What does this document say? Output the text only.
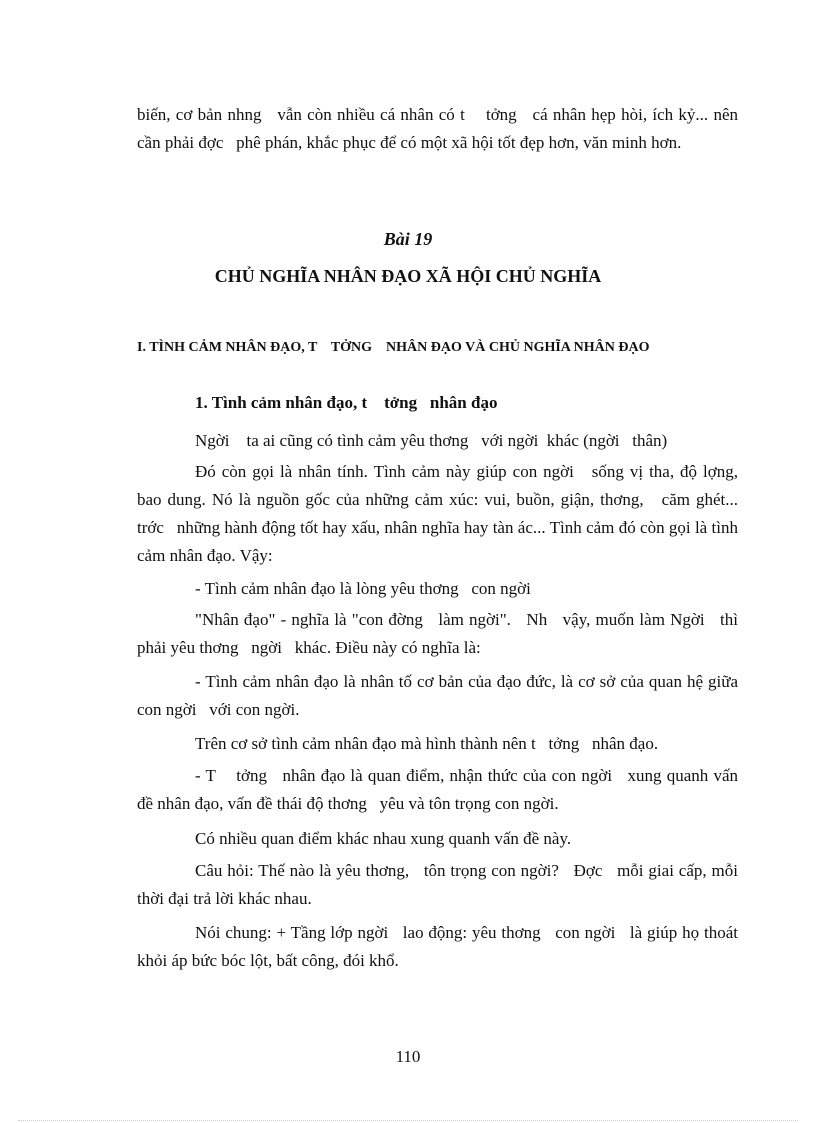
biến, cơ bản nhng   vẫn còn nhiều cá nhân có t    tởng   cá nhân hẹp hòi, ích kỷ... nên cần phải đợc   phê phán, khắc phục để có một xã hội tốt đẹp hơn, văn minh hơn.

Bài 19

CHỦ NGHĨA NHÂN ĐẠO XÃ HỘI CHỦ NGHĨA

I. TÌNH CẢM NHÂN ĐẠO, T    TỞNG    NHÂN ĐẠO VÀ CHỦ NGHĨA NHÂN ĐẠO

1. Tình cảm nhân đạo, t    tởng   nhân đạo

Ngời    ta ai cũng có tình cảm yêu thơng   với ngời  khác (ngời   thân)

Đó còn gọi là nhân tính. Tình cảm này giúp con ngời   sống vị tha, độ lợng,   bao dung. Nó là nguồn gốc của những cảm xúc: vui, buồn, giận, thơng,   căm ghét... trớc   những hành động tốt hay xấu, nhân nghĩa hay tàn ác... Tình cảm đó còn gọi là tình cảm nhân đạo. Vậy:

- Tình cảm nhân đạo là lòng yêu thơng   con ngời

"Nhân đạo" - nghĩa là "con đờng   làm ngời".   Nh   vậy, muốn làm Ngời   thì phải yêu thơng   ngời   khác. Điều này có nghĩa là:

- Tình cảm nhân đạo là nhân tố cơ bản của đạo đức, là cơ sở của quan hệ giữa con ngời   với con ngời.

Trên cơ sở tình cảm nhân đạo mà hình thành nên t   tởng   nhân đạo.

- T    tởng   nhân đạo là quan điểm, nhận thức của con ngời   xung quanh vấn đề nhân đạo, vấn đề thái độ thơng   yêu và tôn trọng con ngời.

Có nhiều quan điểm khác nhau xung quanh vấn đề này.

Câu hỏi: Thế nào là yêu thơng,   tôn trọng con ngời?   Đợc   mỗi giai cấp, mỗi thời đại trả lời khác nhau.

Nói chung: + Tầng lớp ngời   lao động: yêu thơng   con ngời   là giúp họ thoát khỏi áp bức bóc lột, bất công, đói khổ.

110
